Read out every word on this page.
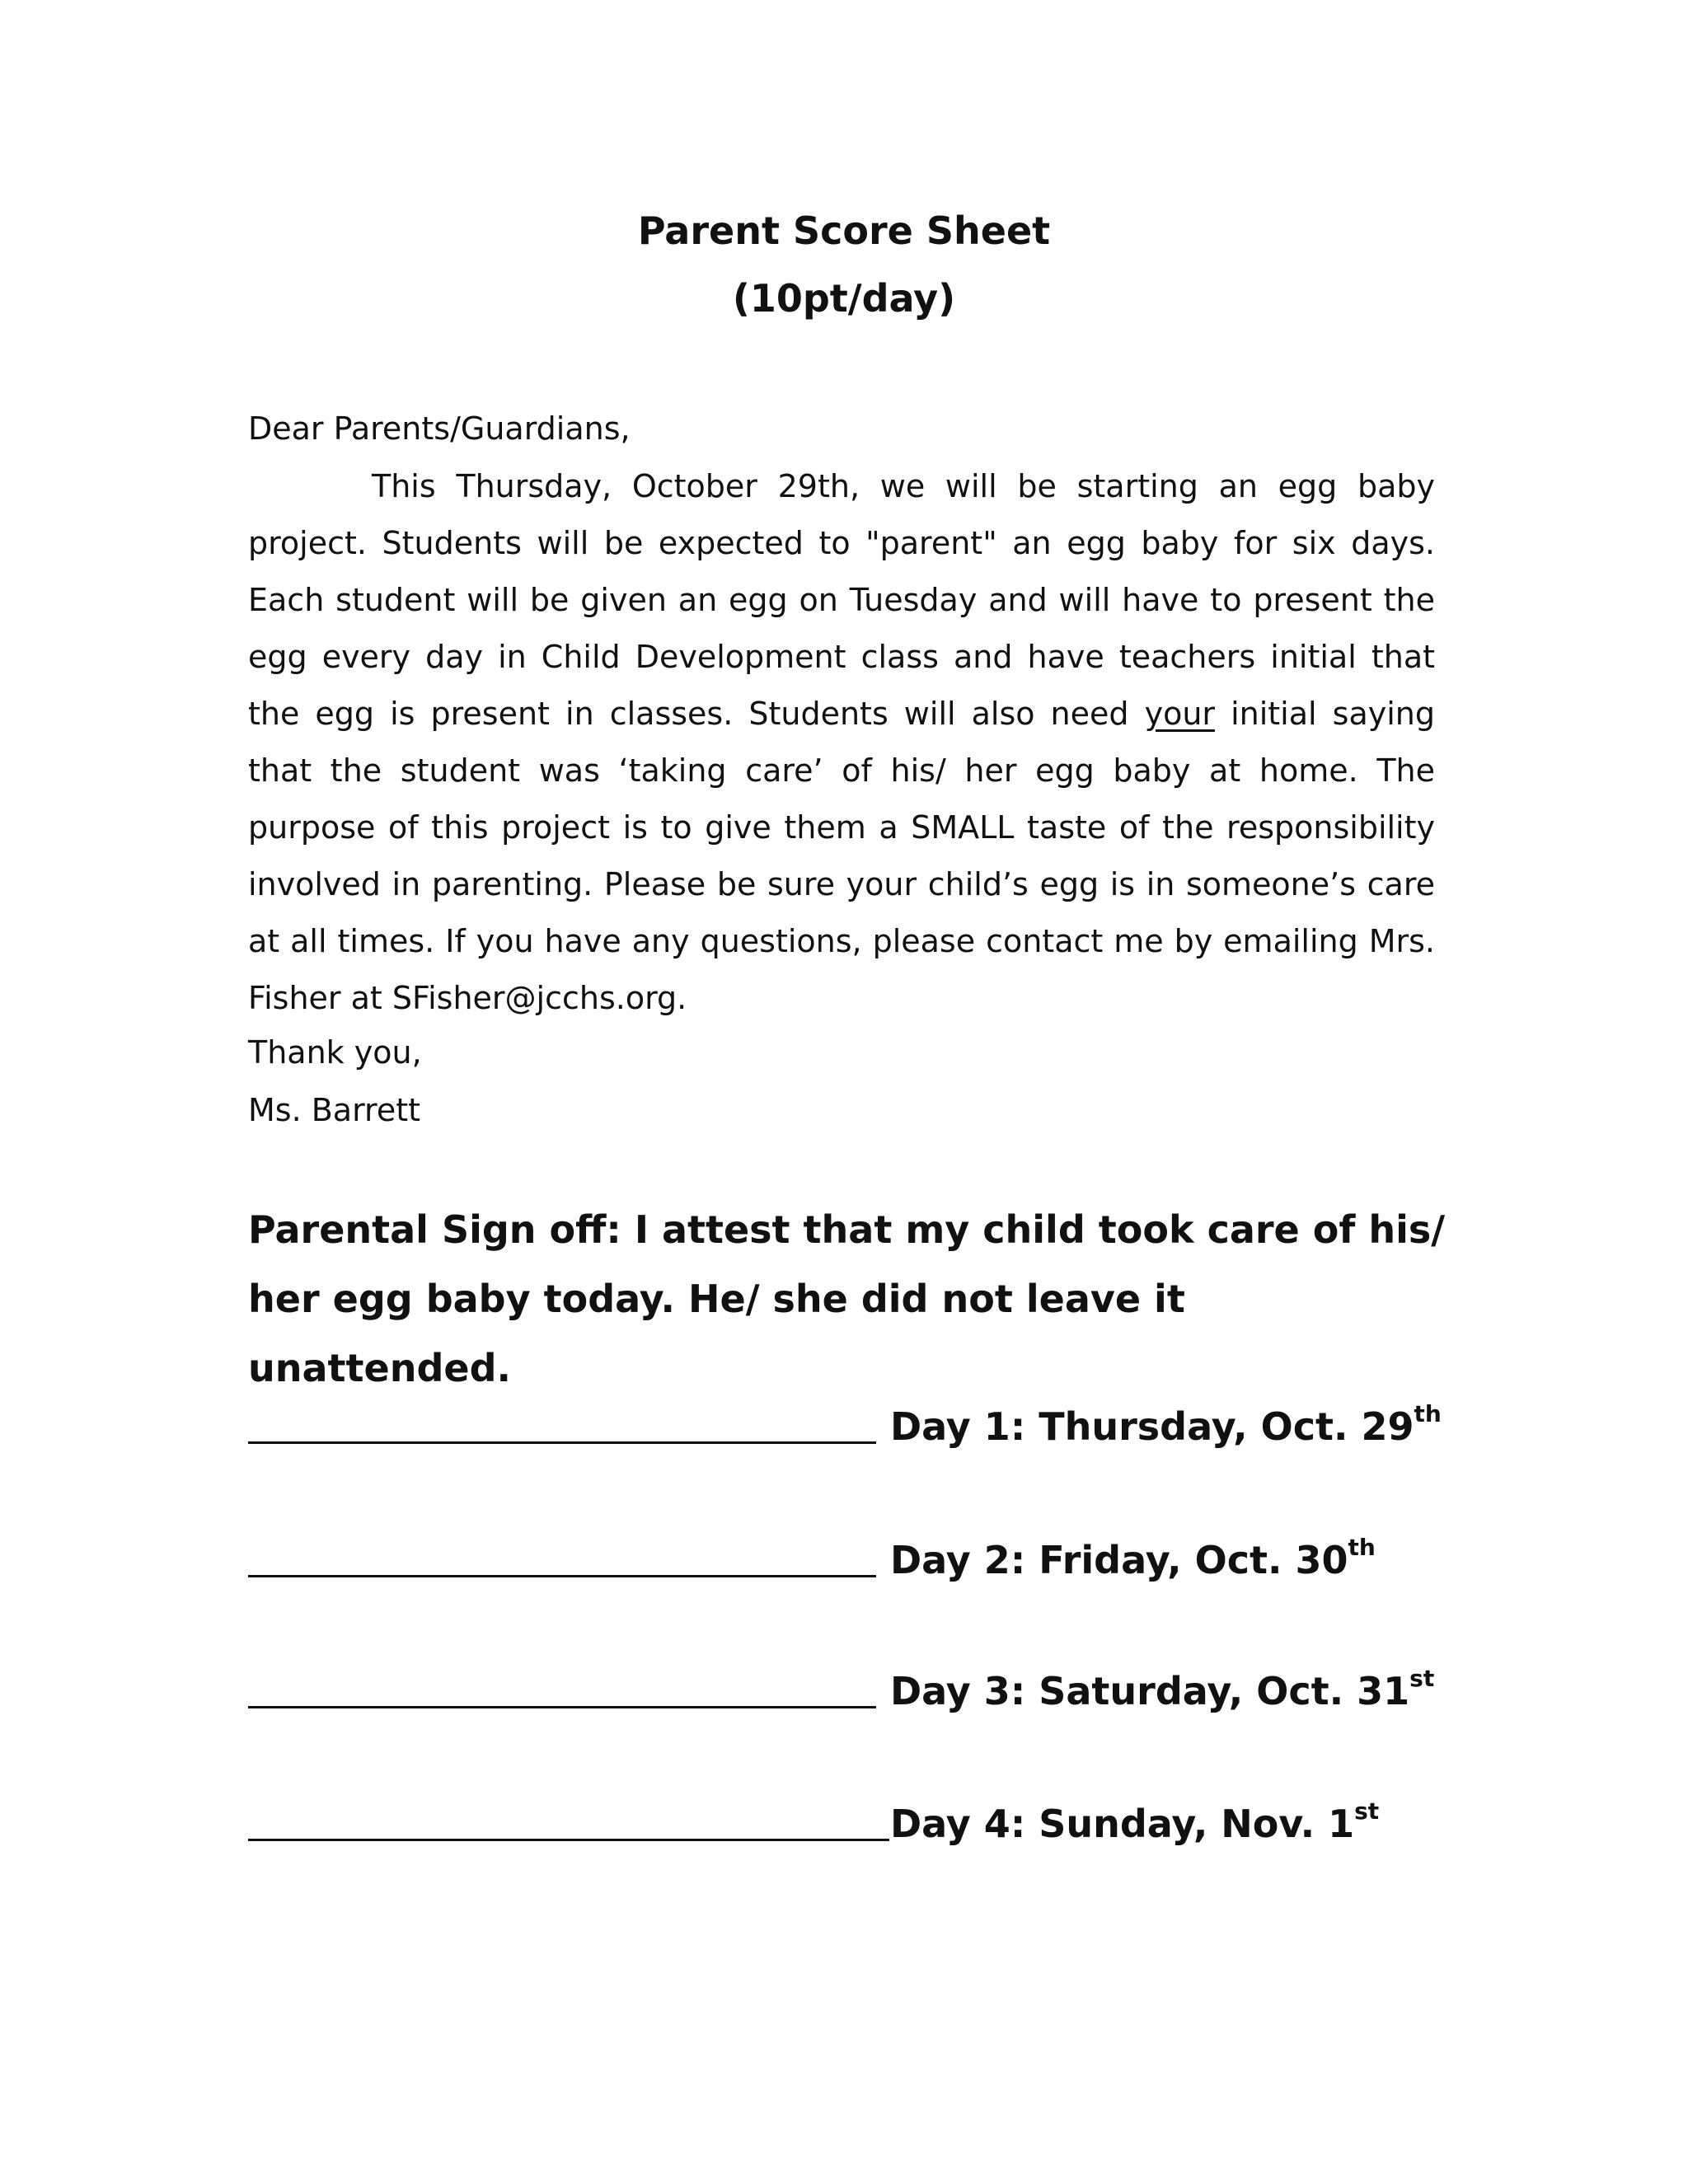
Parent Score Sheet
(10pt/day)
Dear Parents/Guardians,

This Thursday, October 29th, we will be starting an egg baby project. Students will be expected to "parent" an egg baby for six days. Each student will be given an egg on Tuesday and will have to present the egg every day in Child Development class and have teachers initial that the egg is present in classes. Students will also need your initial saying that the student was ‘taking care’ of his/ her egg baby at home. The purpose of this project is to give them a SMALL taste of the responsibility involved in parenting. Please be sure your child’s egg is in someone’s care at all times. If you have any questions, please contact me by emailing Mrs. Fisher at SFisher@jcchs.org.

Thank you,
Ms. Barrett

Parental Sign off: I attest that my child took care of his/ her egg baby today. He/ she did not leave it unattended.

Day 1: Thursday, Oct. 29th
Day 2: Friday, Oct. 30th
Day 3: Saturday, Oct. 31st
Day 4: Sunday, Nov. 1st
